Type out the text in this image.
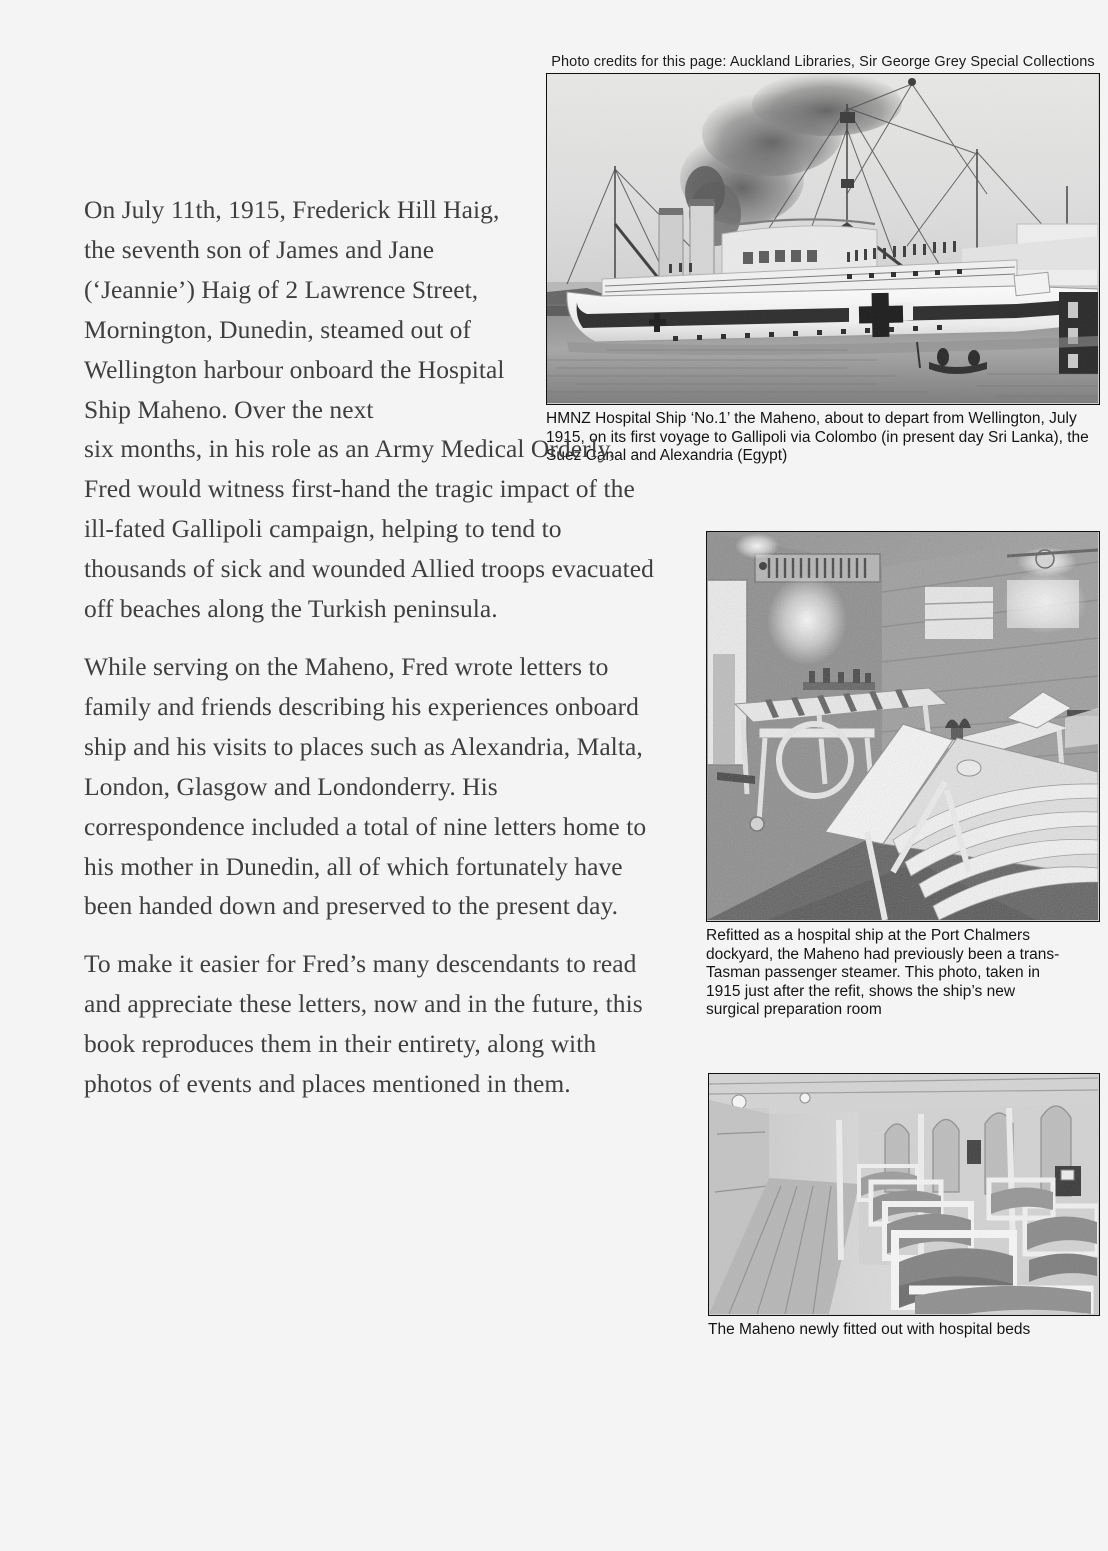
Photo credits for this page: Auckland Libraries, Sir George Grey Special Collections
HMNZ Hospital Ship ‘No.1’ the Maheno, about to depart from Wellington, July 1915, on its first voyage to Gallipoli via Colombo (in present day Sri Lanka), the Suez Canal and Alexandria (Egypt)
Refitted as a hospital ship at the Port Chalmers dockyard, the Maheno had previously been a trans-Tasman passenger steamer. This photo, taken in 1915 just after the refit, shows the ship’s new surgical preparation room
The Maheno newly fitted out with hospital beds

On July 11th, 1915, Frederick Hill Haig, the seventh son of James and Jane (‘Jeannie’) Haig of 2 Lawrence Street, Mornington, Dunedin, steamed out of Wellington harbour onboard the Hospital Ship Maheno. Over the next
six months, in his role as an Army Medical Orderly, Fred would witness first-hand the tragic impact of the ill-fated Gallipoli campaign, helping to tend to thousands of sick and wounded Allied troops evacuated off beaches along the Turkish peninsula.

While serving on the Maheno, Fred wrote letters to family and friends describing his experiences onboard ship and his visits to places such as Alexandria, Malta, London, Glasgow and Londonderry. His correspondence included a total of nine letters home to his mother in Dunedin, all of which fortunately have been handed down and preserved to the present day.

To make it easier for Fred’s many descendants to read and appreciate these letters, now and in the future, this book reproduces them in their entirety, along with photos of events and places mentioned in them.
